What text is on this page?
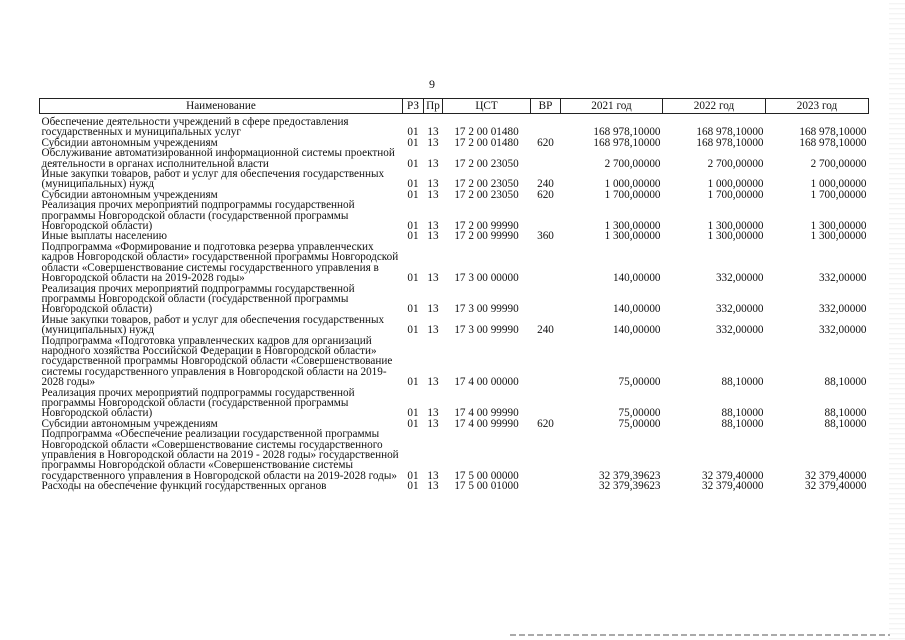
9
Наименование	РЗ	Пр	ЦСТ	ВР	2021 год	2022 год	2023 год
Обеспечение деятельности учреждений в сфере предоставления государственных и муниципальных услуг	01	13	17 2 00 01480		168 978,10000	168 978,10000	168 978,10000
Субсидии автономным учреждениям	01	13	17 2 00 01480	620	168 978,10000	168 978,10000	168 978,10000
Обслуживание автоматизированной информационной системы проектной деятельности в органах исполнительной власти	01	13	17 2 00 23050		2 700,00000	2 700,00000	2 700,00000
Иные закупки товаров, работ и услуг для обеспечения государственных (муниципальных) нужд	01	13	17 2 00 23050	240	1 000,00000	1 000,00000	1 000,00000
Субсидии автономным учреждениям	01	13	17 2 00 23050	620	1 700,00000	1 700,00000	1 700,00000
Реализация прочих мероприятий подпрограммы государственной программы Новгородской области (государственной программы Новгородской области)	01	13	17 2 00 99990		1 300,00000	1 300,00000	1 300,00000
Иные выплаты населению	01	13	17 2 00 99990	360	1 300,00000	1 300,00000	1 300,00000
Подпрограмма «Формирование и подготовка резерва управленческих кадров Новгородской области» государственной программы Новгородской области «Совершенствование системы государственного управления в Новгородской области на 2019-2028 годы»	01	13	17 3 00 00000		140,00000	332,00000	332,00000
Реализация прочих мероприятий подпрограммы государственной программы Новгородской области (государственной программы Новгородской области)	01	13	17 3 00 99990		140,00000	332,00000	332,00000
Иные закупки товаров, работ и услуг для обеспечения государственных (муниципальных) нужд	01	13	17 3 00 99990	240	140,00000	332,00000	332,00000
Подпрограмма «Подготовка управленческих кадров для организаций народного хозяйства Российской Федерации в Новгородской области» государственной программы Новгородской области «Совершенствование системы государственного управления в Новгородской области на 2019-2028 годы»	01	13	17 4 00 00000		75,00000	88,10000	88,10000
Реализация прочих мероприятий подпрограммы государственной программы Новгородской области (государственной программы Новгородской области)	01	13	17 4 00 99990		75,00000	88,10000	88,10000
Субсидии автономным учреждениям	01	13	17 4 00 99990	620	75,00000	88,10000	88,10000
Подпрограмма «Обеспечение реализации государственной программы Новгородской области «Совершенствование системы государственного управления в Новгородской области на 2019 - 2028 годы» государственной программы Новгородской области «Совершенствование системы государственного управления в Новгородской области на 2019-2028 годы»	01	13	17 5 00 00000		32 379,39623	32 379,40000	32 379,40000
Расходы на обеспечение функций государственных органов	01	13	17 5 00 01000		32 379,39623	32 379,40000	32 379,40000
